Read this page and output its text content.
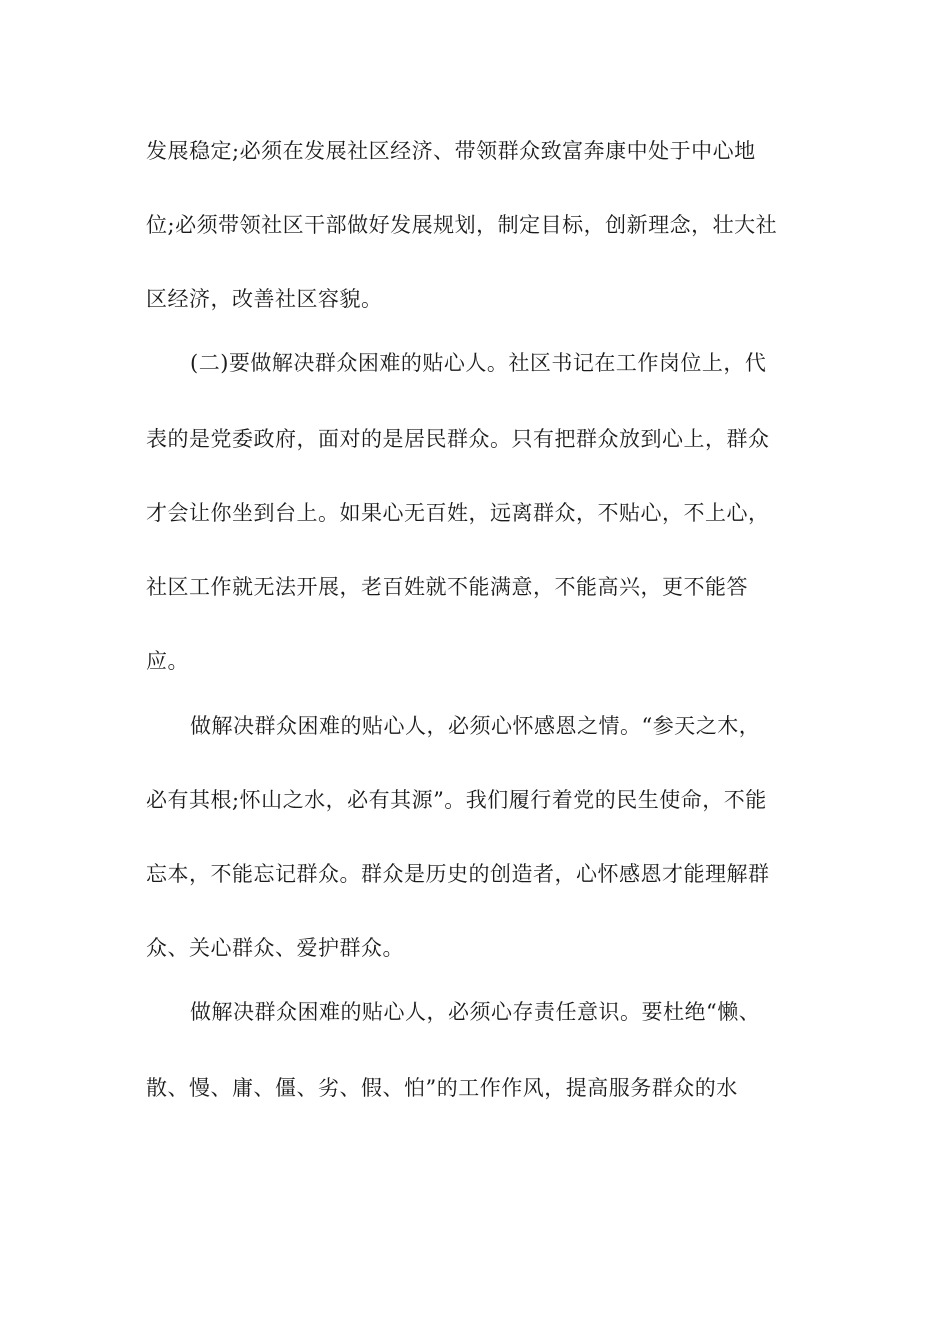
发展稳定;必须在发展社区经济、带领群众致富奔康中处于中心地
位;必须带领社区干部做好发展规划，制定目标，创新理念，壮大社
区经济，改善社区容貌。
(二)要做解决群众困难的贴心人。社区书记在工作岗位上，代
表的是党委政府，面对的是居民群众。只有把群众放到心上，群众
才会让你坐到台上。如果心无百姓，远离群众，不贴心，不上心，
社区工作就无法开展，老百姓就不能满意，不能高兴，更不能答
应。
做解决群众困难的贴心人，必须心怀感恩之情。“参天之木，
必有其根;怀山之水，必有其源”。我们履行着党的民生使命，不能
忘本，不能忘记群众。群众是历史的创造者，心怀感恩才能理解群
众、关心群众、爱护群众。
做解决群众困难的贴心人，必须心存责任意识。要杜绝“懒、
散、慢、庸、僵、劣、假、怕”的工作作风，提高服务群众的水
